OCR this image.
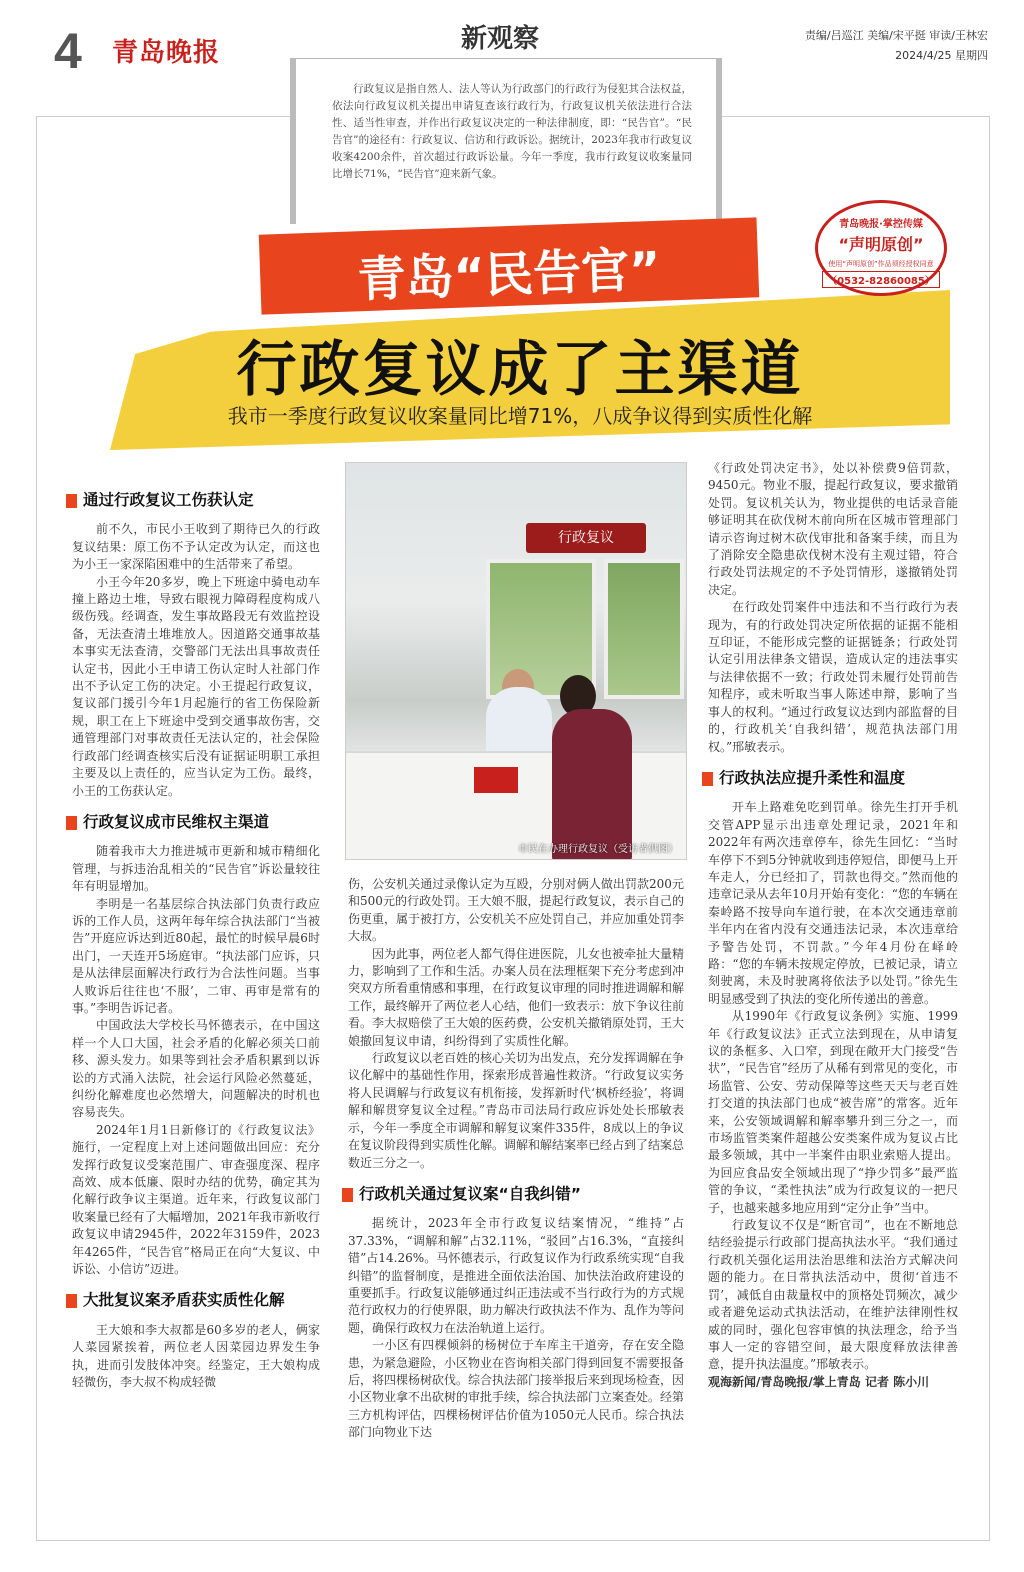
4 青岛晚报	新观察	责编/吕巡江 美编/宋平挺 审读/王林宏
2024/4/25 星期四

行政复议是指自然人、法人等认为行政部门的行政行为侵犯其合法权益，依法向行政复议机关提出申请复查该行政行为，行政复议机关依法进行合法性、适当性审查，并作出行政复议决定的一种法律制度，即：“民告官”。“民告官”的途径有：行政复议、信访和行政诉讼。据统计，2023年我市行政复议收案4200余件，首次超过行政诉讼量。今年一季度，我市行政复议收案量同比增长71%，“民告官”迎来新气象。

青岛“民告官”
行政复议成了主渠道
我市一季度行政复议收案量同比增71%，八成争议得到实质性化解
青岛晚报·掌控传媒
“声明原创”
使用“声明原创”作品须经授权同意
（0532-82860085）
行政复议
市民在办理行政复议（受访者供图）
通过行政复议工伤获认定

前不久，市民小王收到了期待已久的行政复议结果：原工伤不予认定改为认定，而这也为小王一家深陷困难中的生活带来了希望。

小王今年20多岁，晚上下班途中骑电动车撞上路边土堆，导致右眼视力障碍程度构成八级伤残。经调查，发生事故路段无有效监控设备，无法查清土堆堆放人。因道路交通事故基本事实无法查清，交警部门无法出具事故责任认定书，因此小王申请工伤认定时人社部门作出不予认定工伤的决定。小王提起行政复议，复议部门援引今年1月起施行的省工伤保险新规，职工在上下班途中受到交通事故伤害，交通管理部门对事故责任无法认定的，社会保险行政部门经调查核实后没有证据证明职工承担主要及以上责任的，应当认定为工伤。最终，小王的工伤获认定。

行政复议成市民维权主渠道

随着我市大力推进城市更新和城市精细化管理，与拆违治乱相关的“民告官”诉讼量较往年有明显增加。

李明是一名基层综合执法部门负责行政应诉的工作人员，这两年每年综合执法部门“当被告”开庭应诉达到近80起，最忙的时候早晨6时出门，一天连开5场庭审。“执法部门应诉，只是从法律层面解决行政行为合法性问题。当事人败诉后往往也‘不服’，二审、再审是常有的事。”李明告诉记者。

中国政法大学校长马怀德表示，在中国这样一个人口大国，社会矛盾的化解必须关口前移、源头发力。如果等到社会矛盾积累到以诉讼的方式涌入法院，社会运行风险必然蔓延，纠纷化解难度也必然增大，问题解决的时机也容易丧失。

2024年1月1日新修订的《行政复议法》施行，一定程度上对上述问题做出回应：充分发挥行政复议受案范围广、审查强度深、程序高效、成本低廉、限时办结的优势，确定其为化解行政争议主渠道。近年来，行政复议部门收案量已经有了大幅增加，2021年我市新收行政复议申请2945件，2022年3159件，2023年4265件，“民告官”格局正在向“大复议、中诉讼、小信访”迈进。

大批复议案矛盾获实质性化解

王大娘和李大叔都是60多岁的老人，俩家人菜园紧挨着，两位老人因菜园边界发生争执，进而引发肢体冲突。经鉴定，王大娘构成轻微伤，李大叔不构成轻微

伤，公安机关通过录像认定为互殴，分别对俩人做出罚款200元和500元的行政处罚。王大娘不服，提起行政复议，表示自己的伤更重，属于被打方，公安机关不应处罚自己，并应加重处罚李大叔。

因为此事，两位老人都气得住进医院，儿女也被牵扯大量精力，影响到了工作和生活。办案人员在法理框架下充分考虑到冲突双方所看重情感和事理，在行政复议审理的同时推进调解和解工作，最终解开了两位老人心结，他们一致表示：放下争议往前看。李大叔赔偿了王大娘的医药费，公安机关撤销原处罚，王大娘撤回复议申请，纠纷得到了实质性化解。

行政复议以老百姓的核心关切为出发点，充分发挥调解在争议化解中的基础性作用，探索形成普遍性救济。“行政复议实务将人民调解与行政复议有机衔接，发挥新时代‘枫桥经验’，将调解和解贯穿复议全过程。”青岛市司法局行政应诉处处长邢敏表示，今年一季度全市调解和解复议案件335件，8成以上的争议在复议阶段得到实质性化解。调解和解结案率已经占到了结案总数近三分之一。

行政机关通过复议案“自我纠错”

据统计，2023年全市行政复议结案情况，“维持”占37.33%，“调解和解”占32.11%，“驳回”占16.3%，“直接纠错”占14.26%。马怀德表示，行政复议作为行政系统实现“自我纠错”的监督制度，是推进全面依法治国、加快法治政府建设的重要抓手。行政复议能够通过纠正违法或不当行政行为的方式规范行政权力的行使界限，助力解决行政执法不作为、乱作为等问题，确保行政权力在法治轨道上运行。

一小区有四棵倾斜的杨树位于车库主干道旁，存在安全隐患，为紧急避险，小区物业在咨询相关部门得到回复不需要报备后，将四棵杨树砍伐。综合执法部门接举报后来到现场检查，因小区物业拿不出砍树的审批手续，综合执法部门立案查处。经第三方机构评估，四棵杨树评估价值为1050元人民币。综合执法部门向物业下达

《行政处罚决定书》，处以补偿费9倍罚款，9450元。物业不服，提起行政复议，要求撤销处罚。复议机关认为，物业提供的电话录音能够证明其在砍伐树木前向所在区城市管理部门请示咨询过树木砍伐审批和备案手续，而且为了消除安全隐患砍伐树木没有主观过错，符合行政处罚法规定的不予处罚情形，遂撤销处罚决定。

在行政处罚案件中违法和不当行政行为表现为，有的行政处罚决定所依据的证据不能相互印证，不能形成完整的证据链条；行政处罚认定引用法律条文错误，造成认定的违法事实与法律依据不一致；行政处罚未履行处罚前告知程序，或未听取当事人陈述申辩，影响了当事人的权利。“通过行政复议达到内部监督的目的，行政机关‘自我纠错’，规范执法部门用权。”邢敏表示。

行政执法应提升柔性和温度

开车上路难免吃到罚单。徐先生打开手机交管APP显示出违章处理记录，2021年和2022年有两次违章停车，徐先生回忆：“当时车停下不到5分钟就收到违停短信，即便马上开车走人，分已经扣了，罚款也得交。”然而他的违章记录从去年10月开始有变化：“您的车辆在秦岭路不按导向车道行驶，在本次交通违章前半年内在省内没有交通违法记录，本次违章给予警告处罚，不罚款。”今年4月份在峄岭路：“您的车辆未按规定停放，已被记录，请立刻驶离，未及时驶离将依法予以处罚。”徐先生明显感受到了执法的变化所传递出的善意。

从1990年《行政复议条例》实施、1999年《行政复议法》正式立法到现在，从申请复议的条框多、入口窄，到现在敞开大门接受“告状”，“民告官”经历了从稀有到常见的变化，市场监管、公安、劳动保障等这些天天与老百姓打交道的执法部门也成“被告席”的常客。近年来，公安领域调解和解率攀升到三分之一，而市场监管类案件超越公安类案件成为复议占比最多领域，其中一半案件由职业索赔人提出。为回应食品安全领域出现了“挣少罚多”最严监管的争议，“柔性执法”成为行政复议的一把尺子，也越来越多地应用到“定分止争”当中。

行政复议不仅是“断官司”，也在不断地总结经验提示行政部门提高执法水平。“我们通过行政机关强化运用法治思维和法治方式解决问题的能力。在日常执法活动中，贯彻‘首违不罚’，减低自由裁量权中的顶格处罚频次，减少或者避免运动式执法活动，在维护法律刚性权威的同时，强化包容审慎的执法理念，给予当事人一定的容错空间，最大限度释放法律善意，提升执法温度。”邢敏表示。

观海新闻/青岛晚报/掌上青岛 记者 陈小川
